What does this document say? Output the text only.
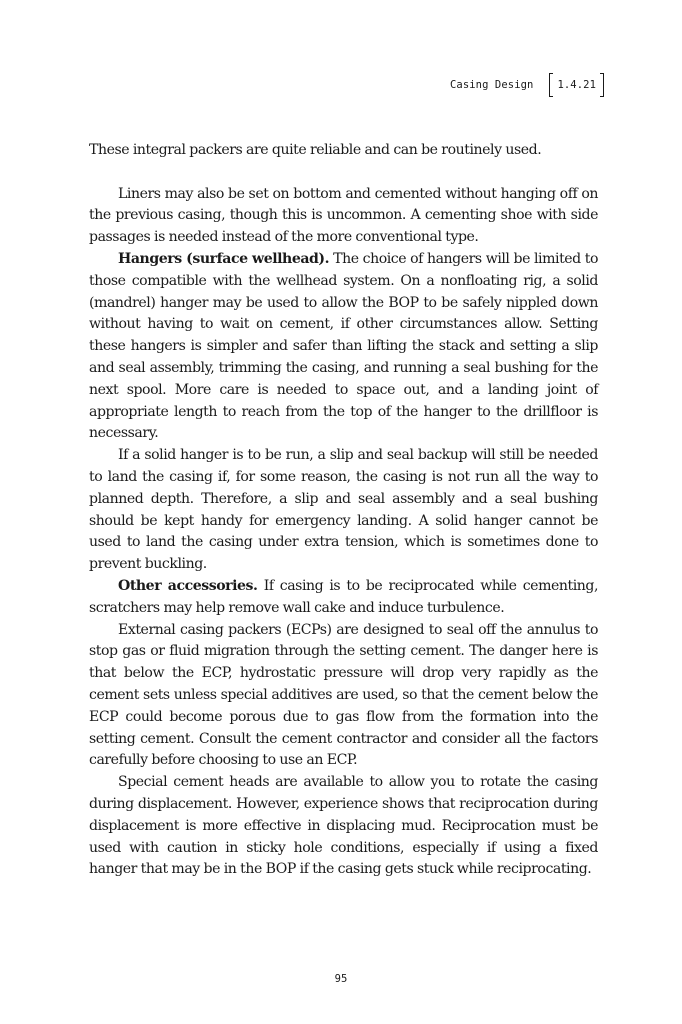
Casing Design	1.4.21

These integral packers are quite reliable and can be routinely used.

Liners may also be set on bottom and cemented without hanging off on the previous casing, though this is uncommon. A cementing shoe with side passages is needed instead of the more conventional type.

Hangers (surface wellhead). The choice of hangers will be limited to those compatible with the wellhead system. On a nonfloating rig, a solid (mandrel) hanger may be used to allow the BOP to be safely nippled down without having to wait on cement, if other circumstances allow. Setting these hangers is simpler and safer than lifting the stack and setting a slip and seal assembly, trimming the casing, and running a seal bushing for the next spool. More care is needed to space out, and a landing joint of appropriate length to reach from the top of the hanger to the drillfloor is necessary.

If a solid hanger is to be run, a slip and seal backup will still be needed to land the casing if, for some reason, the casing is not run all the way to planned depth. Therefore, a slip and seal assembly and a seal bushing should be kept handy for emergency landing. A solid hanger cannot be used to land the casing under extra tension, which is sometimes done to prevent buckling.

Other accessories. If casing is to be reciprocated while cementing, scratchers may help remove wall cake and induce turbulence.

External casing packers (ECPs) are designed to seal off the annulus to stop gas or fluid migration through the setting cement. The danger here is that below the ECP, hydrostatic pressure will drop very rapidly as the cement sets unless special additives are used, so that the cement below the ECP could become porous due to gas flow from the formation into the setting cement. Consult the cement contractor and consider all the factors carefully before choosing to use an ECP.

Special cement heads are available to allow you to rotate the casing during displacement. However, experience shows that reciprocation during displacement is more effective in displacing mud. Reciprocation must be used with caution in sticky hole conditions, especially if using a fixed hanger that may be in the BOP if the casing gets stuck while reciprocating.

95
